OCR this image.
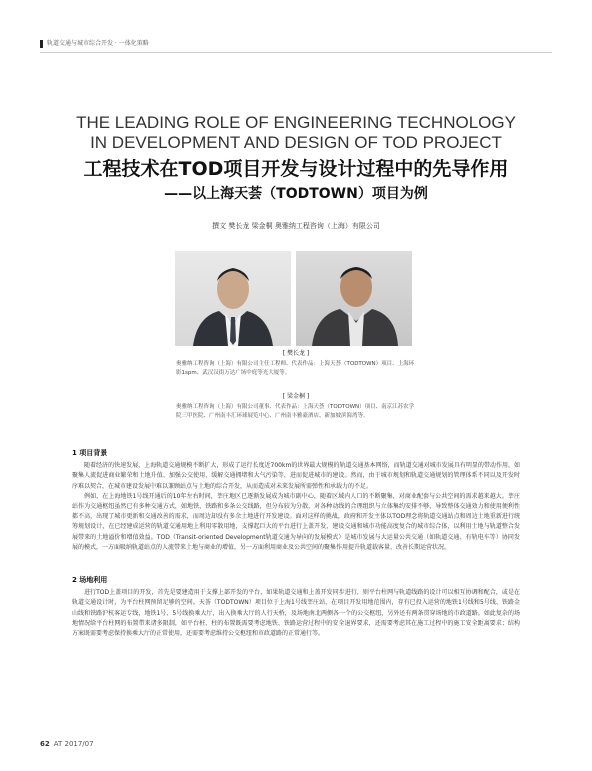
轨道交通与城市综合开发 · 一体化策略
THE LEADING ROLE OF ENGINEERING TECHNOLOGY
IN DEVELOPMENT AND DESIGN OF TOD PROJECT
工程技术在TOD项目开发与设计过程中的先导作用
——以上海天荟（TODTOWN）项目为例
撰文 樊长龙 梁金桐 奥雅纳工程咨询（上海）有限公司
[ 樊长龙 ]
奥雅纳工程咨询（上海）有限公司主任工程师、代表作品：上海天荟（TODTOWN）项目、上海环影1spm、武汉汉街万达广场中庭等光大厦等。
[ 梁金桐 ]
奥雅纳工程咨询（上海）有限公司董事、代表作品：上海天荟（TODTOWN）项目、南京江苏农学院三甲医院、广州南丰汇环球展览中心、广州南丰雅豪酒店、新加坡滨海湾等。
1 项目背景

随着经济的快速发展，上海轨道交通规模不断扩大，形成了运行长度近700km的世界最大规模的轨道交通基本网络，而轨道交通对城市发展具有明显的带动作用，如聚集人流促进商业繁荣和土地升值、加强公交使用、缓解交通拥堵和大气污染等，进而促进城市的建设。然而，由于城市规划和轨道交通规划的管理体系不同以及开发时序难以契合，在城市建设发展中难以兼顾站点与土地的综合开发，从而造成对未来发展所需弹性和承载力的不足。

例如，在上海地铁1号线开通后的10年左右时间，莘庄地区已逐渐发展成为城市副中心，随着区域内人口的不断聚集，对商业配套与公共空间的需求越来越大。莘庄站作为交通枢纽虽然已有多种交通方式，如地铁、铁路和多条公交线路，但分布较为分散，对各种动线的合理组织与立体集约安排不够，导致整体交通效力和使用便利性都不高，出现了城市更新和交通改善的需求，而周边却没有多余土地进行开发建设。面对这样的挑战，政府和开发主体以TOD理念将轨道交通站点和周边土地重新进行统筹规划设计，在已经建成运营的轨道交通用地上利用零散用地，支撑起巨大的平台进行上盖开发，建设交通和城市功能高度复合的城市综合体，以利用土地与轨道整合发展带来的土地溢价和增值效益。TOD（Transit-oriented Development轨道交通为导向的发展模式）是城市发展与大运量公共交通（如轨道交通、有轨电车等）协同发展的模式，一方面吸纳轨道站点的人流带来土地与商业的增值，另一方面利用商业及公共空间的聚集作用提升轨道载客量、改善长期运营状况。

2 场地利用

进行TOD上盖项目的开发，首先是要建造用于支撑上部开发的平台，如果轨道交通和上盖开发同步进行，则平台柱网与轨道线路的设计可以相互协调和配合，或是在轨道交通设计时，为平台柱网预留足够的空间。天荟（TODTOWN）项目位于上海1号线莘庄站，在项目开发用地范围内，存有已投入运营的地铁1号线和5号线、铁路金山线和铁路沪杭客运专线，地铁1号、5号线换乘大厅，出入换乘大厅的人行天桥，及场地南北两侧各一个的公交枢纽，另外还有两条贯穿场地的市政道路。如此复杂的场地情况给平台柱网的布置带来诸多限制，如平台桩、柱的布置既需要考虑地铁、铁路运营过程中的安全退界要求，还需要考虑其在施工过程中的施工安全距离要求；结构方案既需要考虑保持换乘大厅的正常使用，还需要考虑维持公交枢纽和市政道路的正常通行等。

62 AT 2017/07
